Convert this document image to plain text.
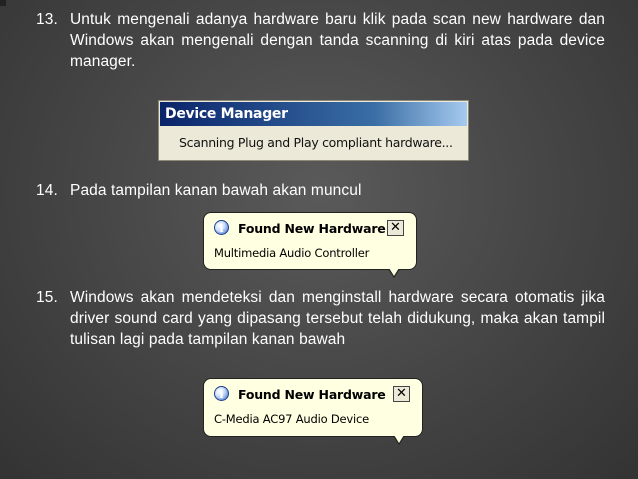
13. Untuk mengenali adanya hardware baru klik pada scan new hardware dan Windows akan mengenali dengan tanda scanning di kiri atas pada device manager.
Device Manager
Scanning Plug and Play compliant hardware...
14. Pada tampilan kanan bawah akan muncul
i	Found New Hardware ✕
Multimedia Audio Controller
15. Windows akan mendeteksi dan menginstall hardware secara otomatis jika driver sound card yang dipasang tersebut telah didukung, maka akan tampil tulisan lagi pada tampilan kanan bawah
i	Found New Hardware ✕
C-Media AC97 Audio Device
